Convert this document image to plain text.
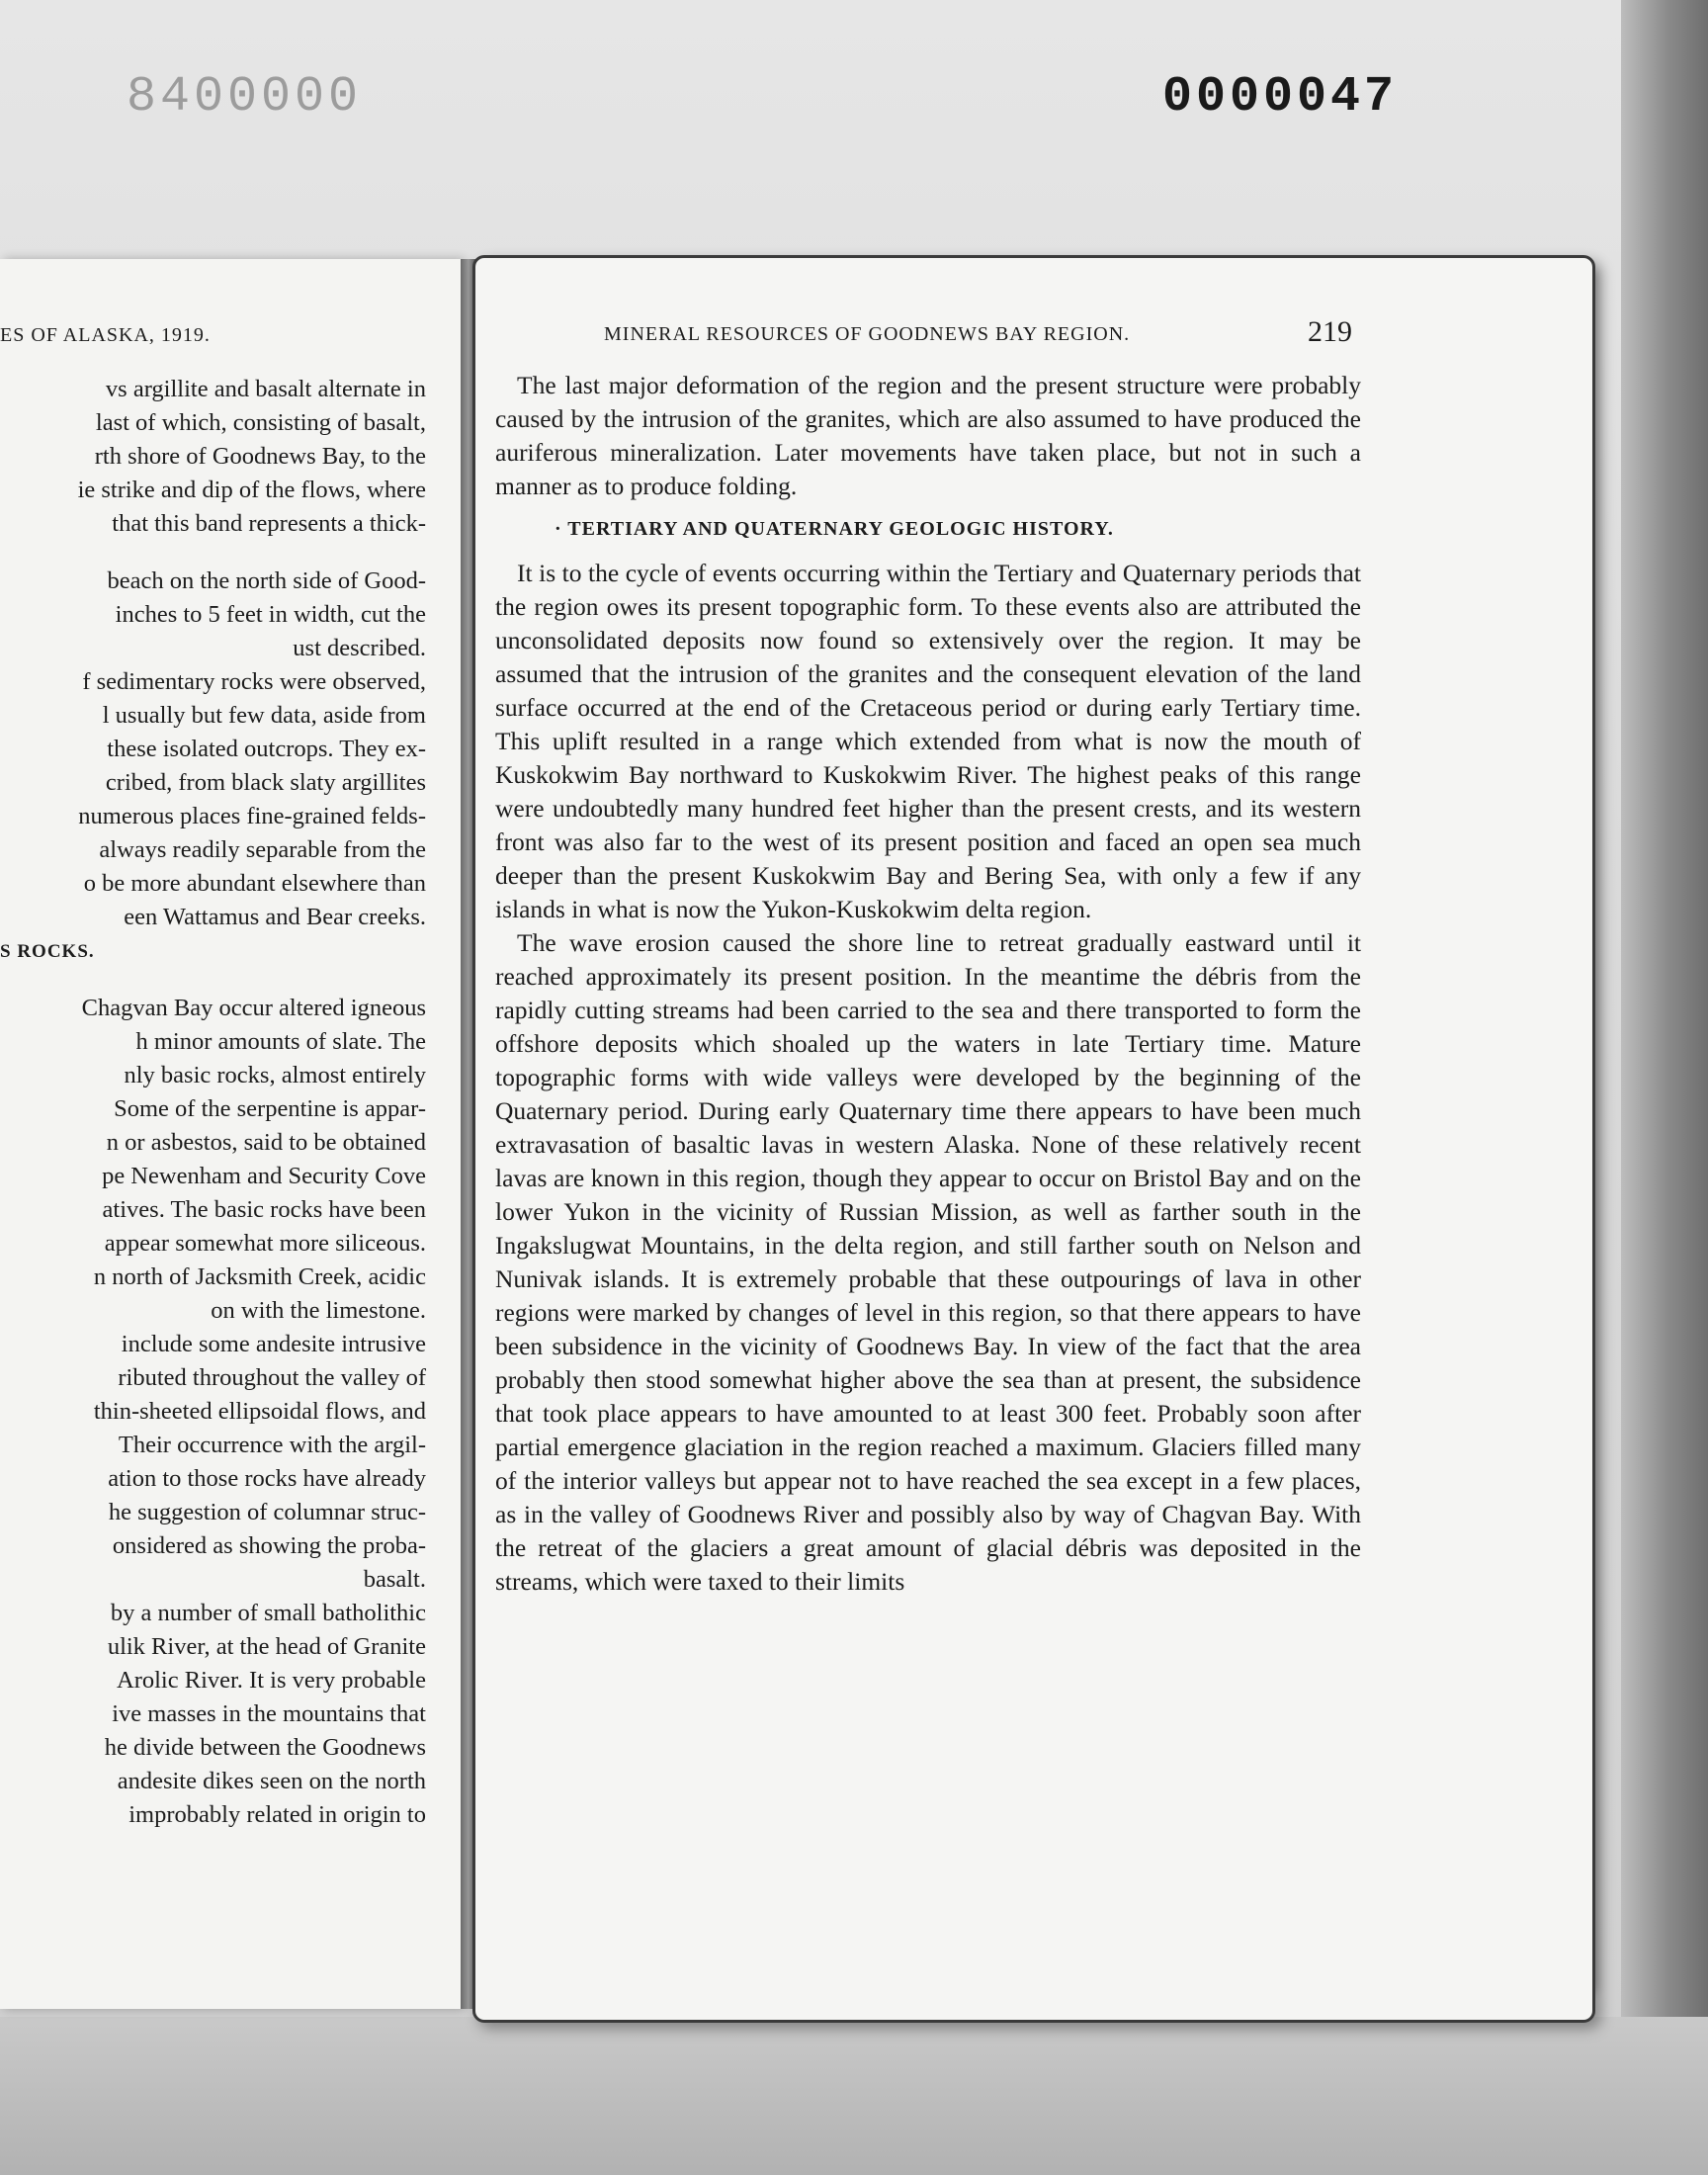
8400000	0000047
ES OF ALASKA, 1919.
vs argillite and basalt alternate in
last of which, consisting of basalt,
rth shore of Goodnews Bay, to the
ie strike and dip of the flows, where
that this band represents a thick-
beach on the north side of Good-
inches to 5 feet in width, cut the
ust described.
f sedimentary rocks were observed,
l usually but few data, aside from
these isolated outcrops. They ex-
cribed, from black slaty argillites
numerous places fine-grained felds-
always readily separable from the
o be more abundant elsewhere than
een Wattamus and Bear creeks.
S ROCKS.
Chagvan Bay occur altered igneous
h minor amounts of slate. The
nly basic rocks, almost entirely
Some of the serpentine is appar-
n or asbestos, said to be obtained
pe Newenham and Security Cove
atives. The basic rocks have been
appear somewhat more siliceous.
n north of Jacksmith Creek, acidic
on with the limestone.
include some andesite intrusive
ributed throughout the valley of
thin-sheeted ellipsoidal flows, and
Their occurrence with the argil-
ation to those rocks have already
he suggestion of columnar struc-
onsidered as showing the proba-
basalt.
by a number of small batholithic
ulik River, at the head of Granite
Arolic River. It is very probable
ive masses in the mountains that
he divide between the Goodnews
andesite dikes seen on the north
improbably related in origin to
MINERAL RESOURCES OF GOODNEWS BAY REGION.	219

The last major deformation of the region and the present structure were probably caused by the intrusion of the granites, which are also assumed to have produced the auriferous mineralization. Later movements have taken place, but not in such a manner as to produce folding.

· TERTIARY AND QUATERNARY GEOLOGIC HISTORY.

It is to the cycle of events occurring within the Tertiary and Quaternary periods that the region owes its present topographic form. To these events also are attributed the unconsolidated deposits now found so extensively over the region. It may be assumed that the intrusion of the granites and the consequent elevation of the land surface occurred at the end of the Cretaceous period or during early Tertiary time. This uplift resulted in a range which extended from what is now the mouth of Kuskokwim Bay northward to Kuskokwim River. The highest peaks of this range were undoubtedly many hundred feet higher than the present crests, and its western front was also far to the west of its present position and faced an open sea much deeper than the present Kuskokwim Bay and Bering Sea, with only a few if any islands in what is now the Yukon-Kuskokwim delta region.

The wave erosion caused the shore line to retreat gradually eastward until it reached approximately its present position. In the meantime the débris from the rapidly cutting streams had been carried to the sea and there transported to form the offshore deposits which shoaled up the waters in late Tertiary time. Mature topographic forms with wide valleys were developed by the beginning of the Quaternary period. During early Quaternary time there appears to have been much extravasation of basaltic lavas in western Alaska. None of these relatively recent lavas are known in this region, though they appear to occur on Bristol Bay and on the lower Yukon in the vicinity of Russian Mission, as well as farther south in the Ingakslugwat Mountains, in the delta region, and still farther south on Nelson and Nunivak islands. It is extremely probable that these outpourings of lava in other regions were marked by changes of level in this region, so that there appears to have been subsidence in the vicinity of Goodnews Bay. In view of the fact that the area probably then stood somewhat higher above the sea than at present, the subsidence that took place appears to have amounted to at least 300 feet. Probably soon after partial emergence glaciation in the region reached a maximum. Glaciers filled many of the interior valleys but appear not to have reached the sea except in a few places, as in the valley of Goodnews River and possibly also by way of Chagvan Bay. With the retreat of the glaciers a great amount of glacial débris was deposited in the streams, which were taxed to their limits
